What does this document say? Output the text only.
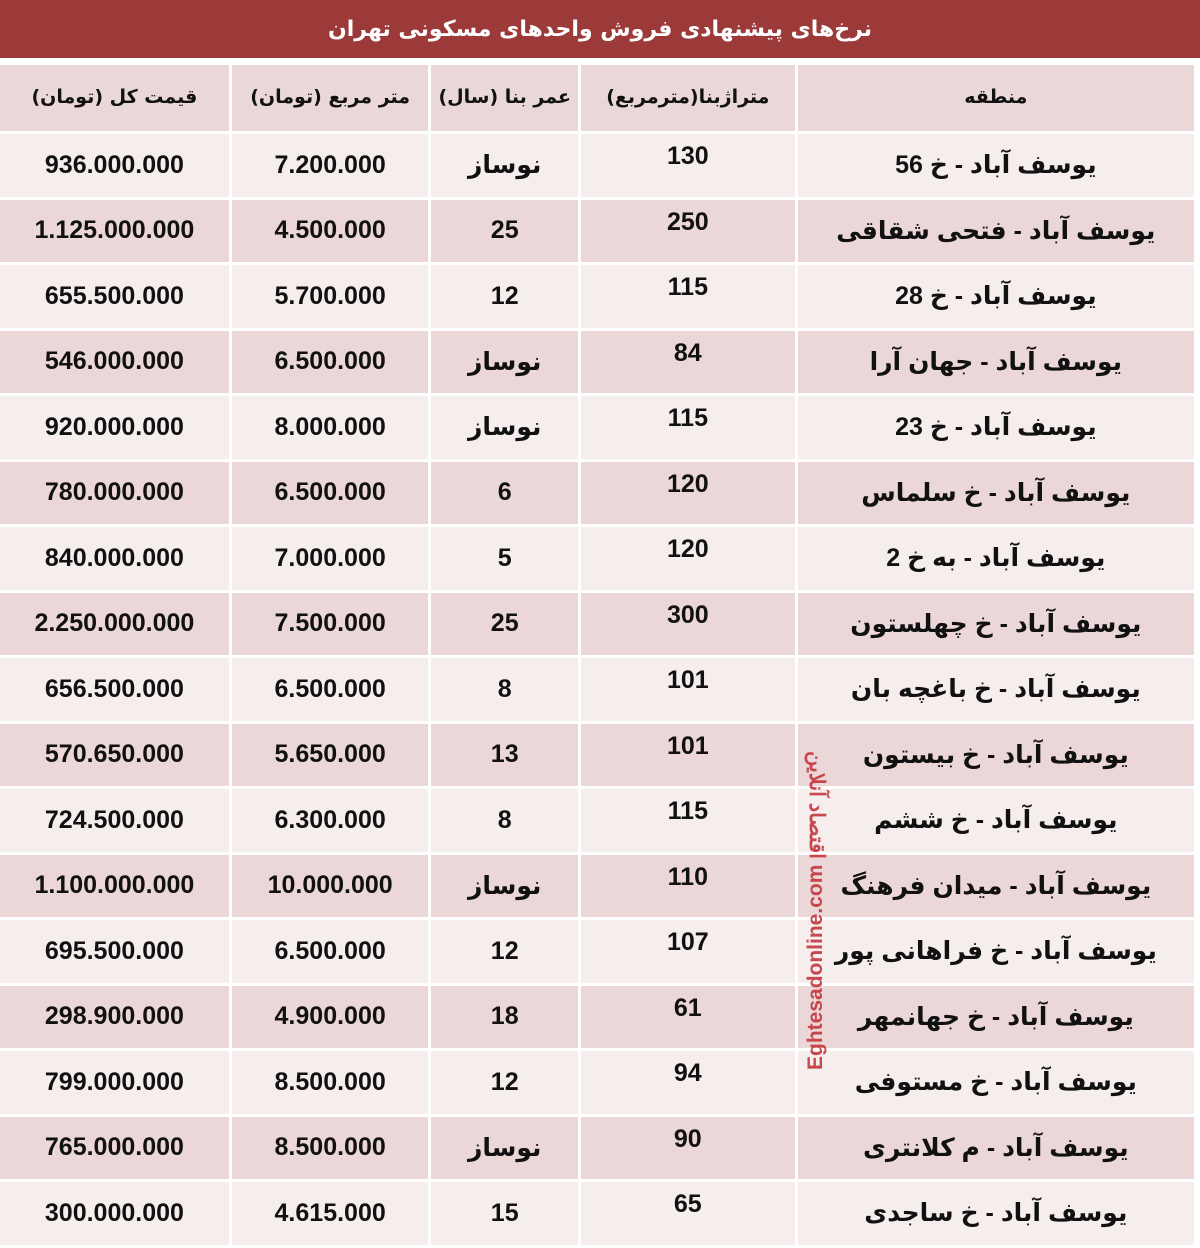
نرخ‌های پیشنهادی فروش واحدهای مسکونی تهران
منطقه	متراژبنا(مترمربع)	عمر بنا (سال)	متر مربع (تومان)	قیمت کل (تومان)
یوسف آباد - خ 56	130	نوساز	7.200.000	936.000.000
یوسف آباد - فتحی شقاقی	250	25	4.500.000	1.125.000.000
یوسف آباد - خ 28	115	12	5.700.000	655.500.000
یوسف آباد - جهان آرا	84	نوساز	6.500.000	546.000.000
یوسف آباد - خ 23	115	نوساز	8.000.000	920.000.000
یوسف آباد - خ سلماس	120	6	6.500.000	780.000.000
یوسف آباد - به خ 2	120	5	7.000.000	840.000.000
یوسف آباد - خ چهلستون	300	25	7.500.000	2.250.000.000
یوسف آباد - خ باغچه بان	101	8	6.500.000	656.500.000
یوسف آباد - خ بیستون	101	13	5.650.000	570.650.000
یوسف آباد - خ ششم	115	8	6.300.000	724.500.000
یوسف آباد - میدان فرهنگ	110	نوساز	10.000.000	1.100.000.000
یوسف آباد - خ فراهانی پور	107	12	6.500.000	695.500.000
یوسف آباد - خ جهانمهر	61	18	4.900.000	298.900.000
یوسف آباد - خ مستوفی	94	12	8.500.000	799.000.000
یوسف آباد - م کلانتری	90	نوساز	8.500.000	765.000.000
یوسف آباد - خ ساجدی	65	15	4.615.000	300.000.000
Eghtesadonline.com
اقتصاد آنلاین
